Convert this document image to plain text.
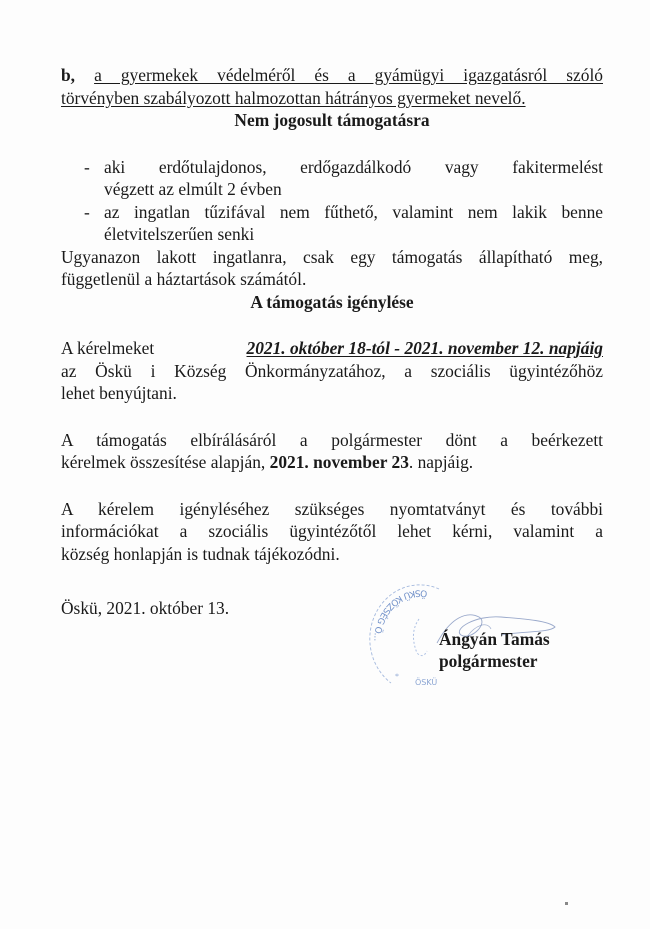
b, a gyermekek védelméről és a gyámügyi igazgatásról szóló
törvényben szabályozott halmozottan hátrányos gyermeket nevelő.
Nem jogosult támogatásra
- aki erdőtulajdonos, erdőgazdálkodó vagy fakitermelést
végzett az elmúlt 2 évben
- az ingatlan tűzifával nem fűthető, valamint nem lakik benne
életvitelszerűen senki
Ugyanazon lakott ingatlanra, csak egy támogatás állapítható meg,
függetlenül a háztartások számától.
A támogatás igénylése
A kérelmeket	2021. október 18-tól - 2021. november 12. napjáig
az Öskü i Község Önkormányzatához, a szociális ügyintézőhöz
lehet benyújtani.
A támogatás elbírálásáról a polgármester dönt a beérkezett
kérelmek összesítése alapján, 2021. november 23. napjáig.
A kérelem igényléséhez szükséges nyomtatványt és további
információkat a szociális ügyintézőtől lehet kérni, valamint a
község honlapján is tudnak tájékozódni.
Öskü, 2021. október 13.
ÖSKÜ KÖZSÉG Ö...
ÖSKÜ
*
Ángyán Tamás
polgármester
